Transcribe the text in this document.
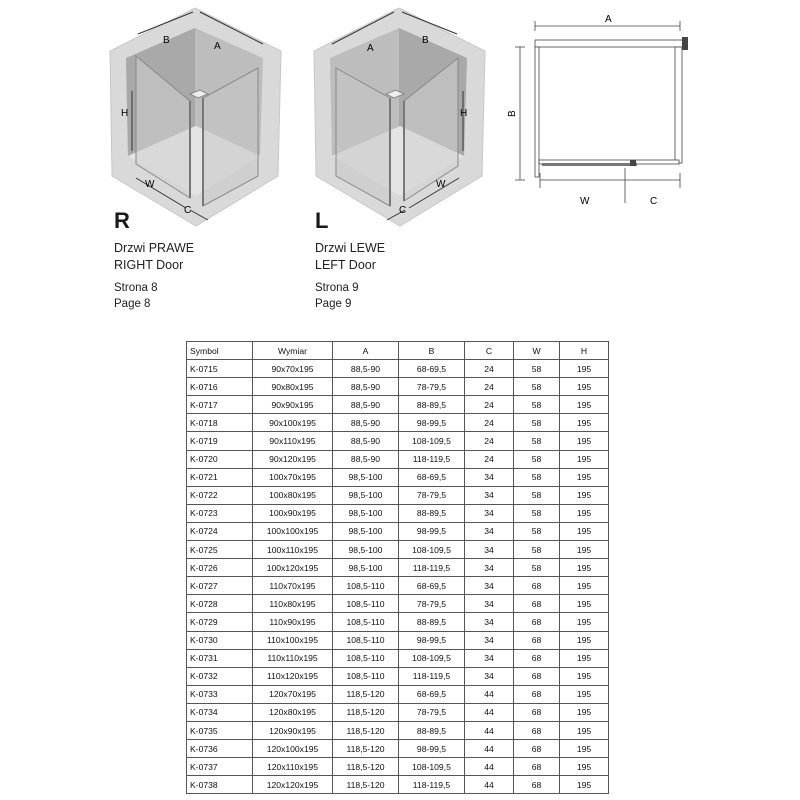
B
A
H
W
C
A
B
H
W
C
A
B
W	C
R
Drzwi PRAWE
RIGHT Door
Strona 8
Page 8
L
Drzwi LEWE
LEFT Door
Strona 9
Page 9
Symbol	Wymiar	A	B	C	W	H
K-0715	90x70x195	88,5-90	68-69,5	24	58	195
K-0716	90x80x195	88,5-90	78-79,5	24	58	195
K-0717	90x90x195	88,5-90	88-89,5	24	58	195
K-0718	90x100x195	88,5-90	98-99,5	24	58	195
K-0719	90x110x195	88,5-90	108-109,5	24	58	195
K-0720	90x120x195	88,5-90	118-119,5	24	58	195
K-0721	100x70x195	98,5-100	68-69,5	34	58	195
K-0722	100x80x195	98,5-100	78-79,5	34	58	195
K-0723	100x90x195	98,5-100	88-89,5	34	58	195
K-0724	100x100x195	98,5-100	98-99,5	34	58	195
K-0725	100x110x195	98,5-100	108-109,5	34	58	195
K-0726	100x120x195	98,5-100	118-119,5	34	58	195
K-0727	110x70x195	108,5-110	68-69,5	34	68	195
K-0728	110x80x195	108,5-110	78-79,5	34	68	195
K-0729	110x90x195	108,5-110	88-89,5	34	68	195
K-0730	110x100x195	108,5-110	98-99,5	34	68	195
K-0731	110x110x195	108,5-110	108-109,5	34	68	195
K-0732	110x120x195	108,5-110	118-119,5	34	68	195
K-0733	120x70x195	118,5-120	68-69,5	44	68	195
K-0734	120x80x195	118,5-120	78-79,5	44	68	195
K-0735	120x90x195	118,5-120	88-89,5	44	68	195
K-0736	120x100x195	118,5-120	98-99,5	44	68	195
K-0737	120x110x195	118,5-120	108-109,5	44	68	195
K-0738	120x120x195	118,5-120	118-119,5	44	68	195
